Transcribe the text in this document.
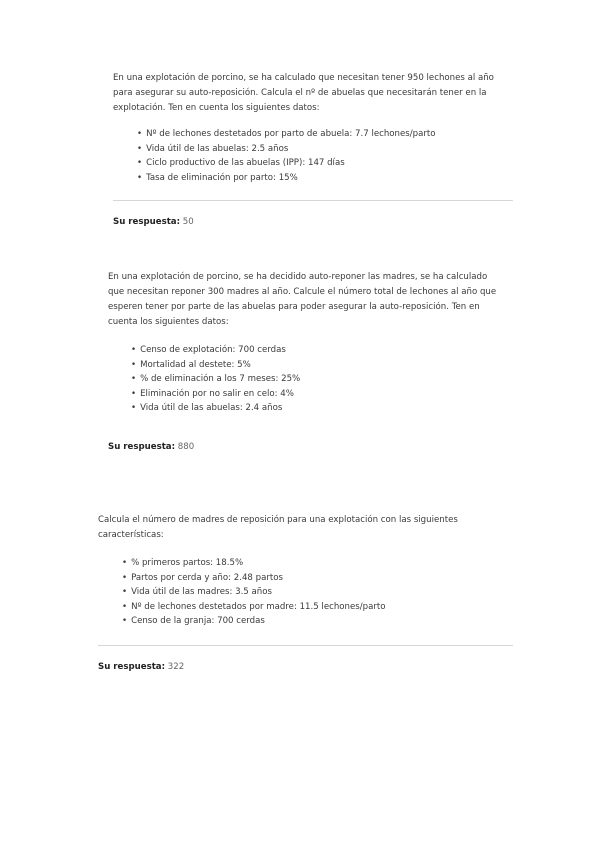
En una explotación de porcino, se ha calculado que necesitan tener 950 lechones al año
para asegurar su auto-reposición. Calcula el nº de abuelas que necesitarán tener en la
explotación. Ten en cuenta los siguientes datos:

• Nº de lechones destetados por parto de abuela: 7.7 lechones/parto
• Vida útil de las abuelas: 2.5 años
• Ciclo productivo de las abuelas (IPP): 147 días
• Tasa de eliminación por parto: 15%
Su respuesta: 50

En una explotación de porcino, se ha decidido auto-reponer las madres, se ha calculado
que necesitan reponer 300 madres al año. Calcule el número total de lechones al año que
esperen tener por parte de las abuelas para poder asegurar la auto-reposición. Ten en
cuenta los siguientes datos:

• Censo de explotación: 700 cerdas
• Mortalidad al destete: 5%
• % de eliminación a los 7 meses: 25%
• Eliminación por no salir en celo: 4%
• Vida útil de las abuelas: 2.4 años
Su respuesta: 880

Calcula el número de madres de reposición para una explotación con las siguientes
características:

• % primeros partos: 18.5%
• Partos por cerda y año: 2.48 partos
• Vida útil de las madres: 3.5 años
• Nº de lechones destetados por madre: 11.5 lechones/parto
• Censo de la granja: 700 cerdas
Su respuesta: 322
